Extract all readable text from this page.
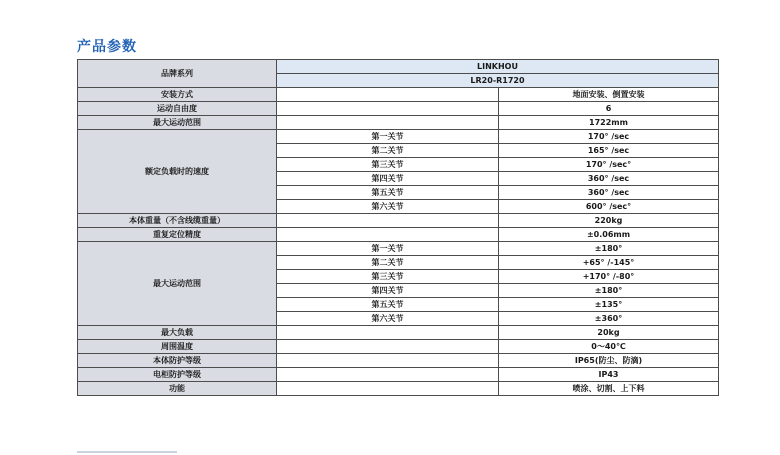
产品参数
品牌系列	LINKHOU	
	LR20-R1720	
安装方式		地面安装、倒置安装
运动自由度		6
最大运动范围		1722mm
额定负载时的速度	第一关节	170° /sec
	第二关节	165° /sec
	第三关节	170° /sec°
	第四关节	360° /sec
	第五关节	360° /sec
	第六关节	600° /sec°
本体重量（不含线缆重量）		220kg
重复定位精度		±0.06mm
最大运动范围	第一关节	±180°
	第二关节	+65° /-145°
	第三关节	+170° /-80°
	第四关节	±180°
	第五关节	±135°
	第六关节	±360°
最大负载		20kg
周围温度		0～40℃
本体防护等级		IP65(防尘、防滴)
电柜防护等级		IP43
功能		喷涂、切割、上下料
